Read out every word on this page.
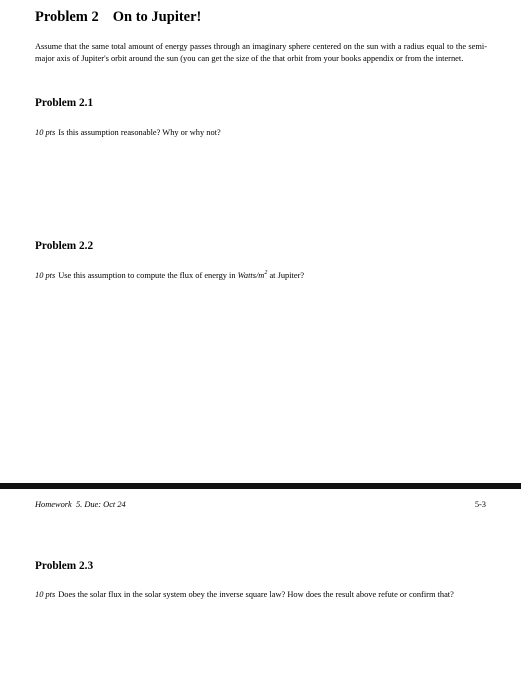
Problem 2 On to Jupiter!
Assume that the same total amount of energy passes through an imaginary sphere centered on the sun with a radius equal to the semi-major axis of Jupiter's orbit around the sun (you can get the size of the that orbit from your books appendix or from the internet.
Problem 2.1
10 pts Is this assumption reasonable? Why or why not?
Problem 2.2
10 pts Use this assumption to compute the flux of energy in Watts/$m^2$ at Jupiter?
Homework  5. Due: Oct 24	5-3
Problem 2.3
10 pts Does the solar flux in the solar system obey the inverse square law? How does the result above refute or confirm that?
